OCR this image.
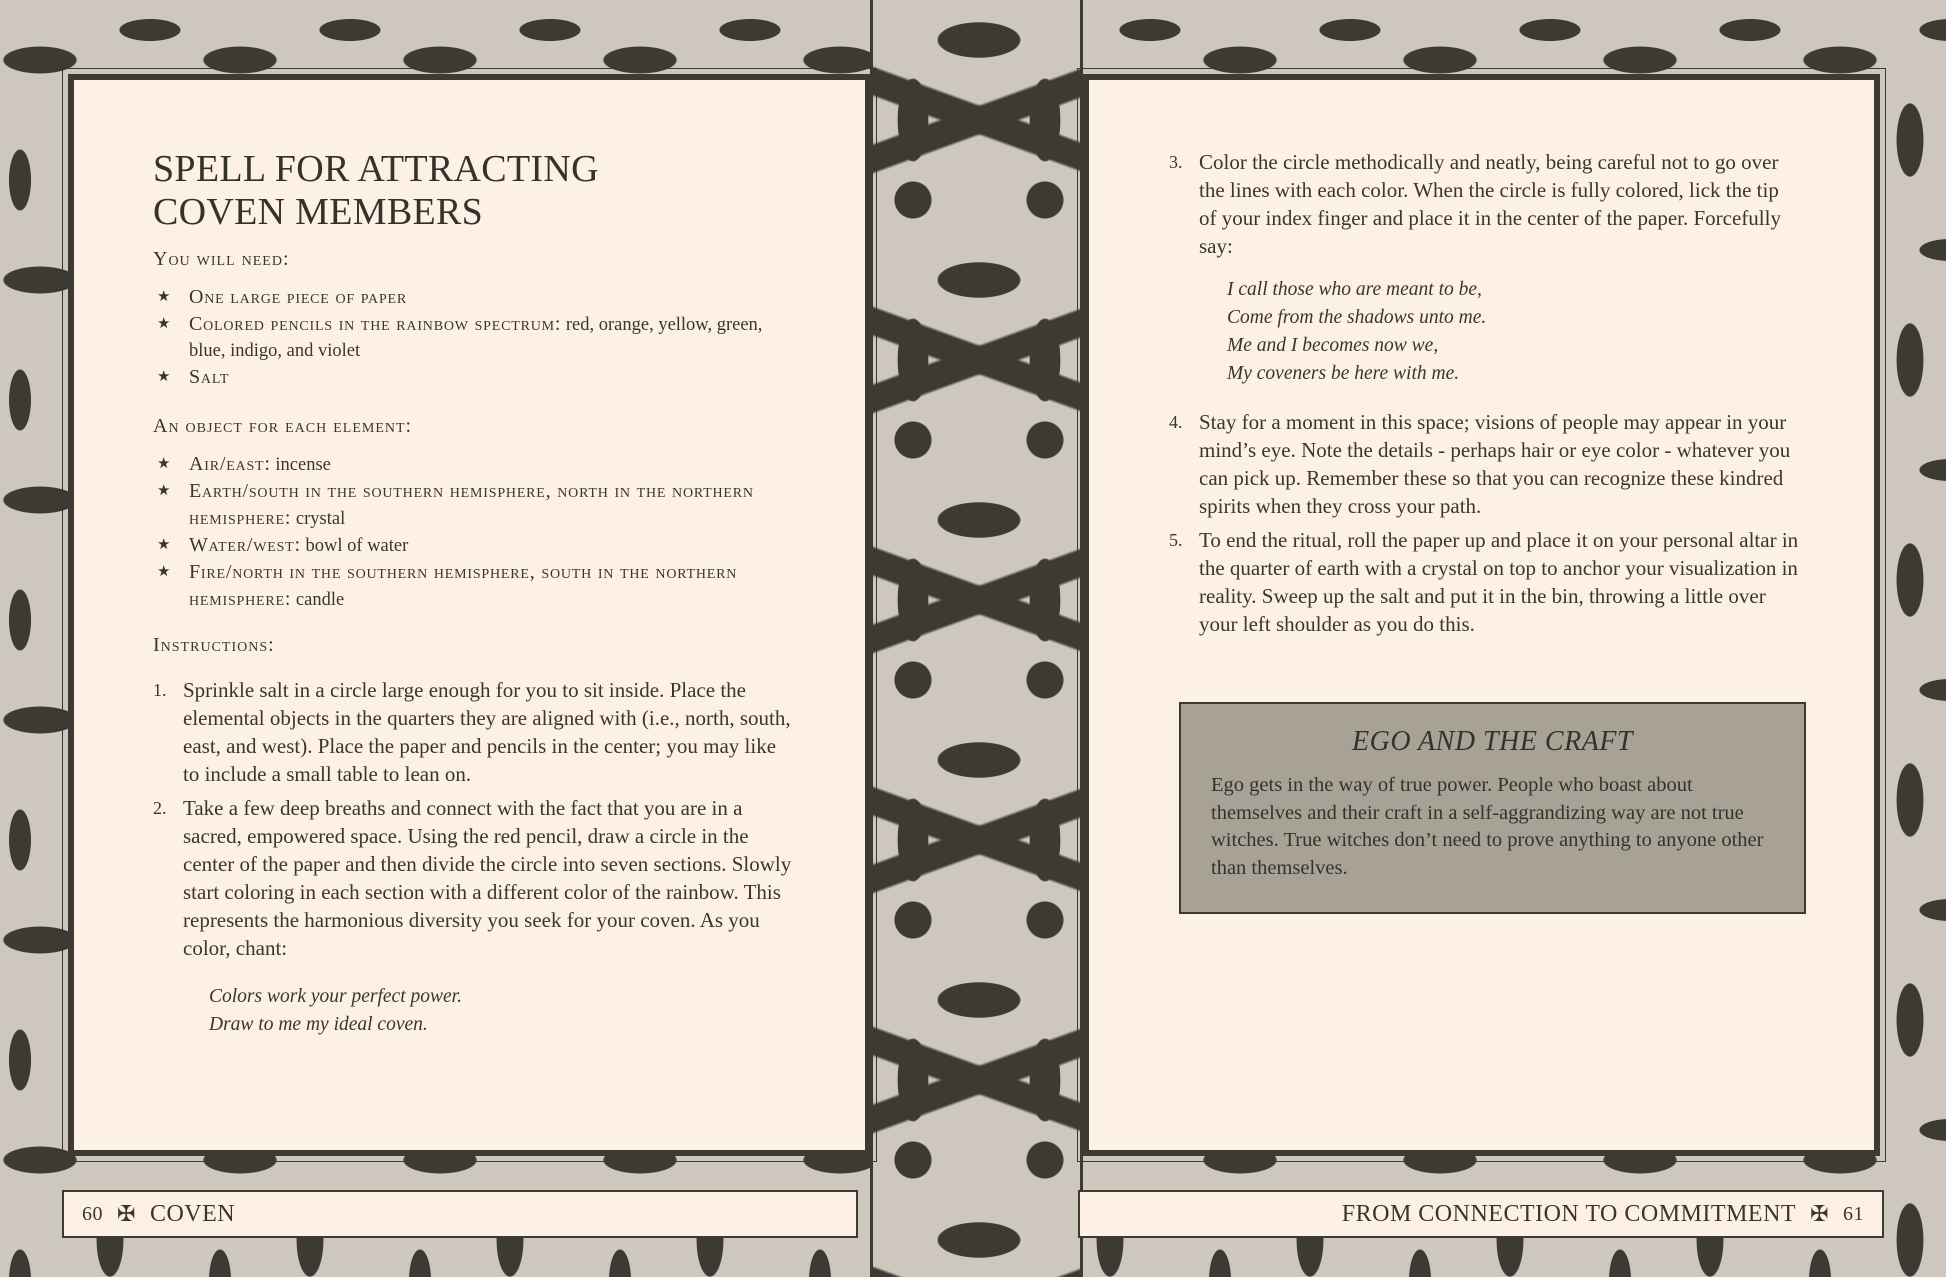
SPELL FOR ATTRACTING
COVEN MEMBERS
You will need:
★ One large piece of paper
★ Colored pencils in the rainbow spectrum: red, orange, yellow, green, blue, indigo, and violet
★ Salt
An object for each element:
★ Air/east: incense
★ Earth/south in the southern hemisphere, north in the northern hemisphere: crystal
★ Water/west: bowl of water
★ Fire/north in the southern hemisphere, south in the northern hemisphere: candle
Instructions:
1. Sprinkle salt in a circle large enough for you to sit inside. Place the elemental objects in the quarters they are aligned with (i.e., north, south, east, and west). Place the paper and pencils in the center; you may like to include a small table to lean on.
2. Take a few deep breaths and connect with the fact that you are in a sacred, empowered space. Using the red pencil, draw a circle in the center of the paper and then divide the circle into seven sections. Slowly start coloring in each section with a different color of the rainbow. This represents the harmonious diversity you seek for your coven. As you color, chant:
Colors work your perfect power.
Draw to me my ideal coven.
3. Color the circle methodically and neatly, being careful not to go over the lines with each color. When the circle is fully colored, lick the tip of your index finger and place it in the center of the paper. Forcefully say:
I call those who are meant to be,
Come from the shadows unto me.
Me and I becomes now we,
My coveners be here with me.
4. Stay for a moment in this space; visions of people may appear in your mind’s eye. Note the details - perhaps hair or eye color - whatever you can pick up. Remember these so that you can recognize these kindred spirits when they cross your path.
5. To end the ritual, roll the paper up and place it on your personal altar in the quarter of earth with a crystal on top to anchor your visualization in reality. Sweep up the salt and put it in the bin, throwing a little over your left shoulder as you do this.
EGO AND THE CRAFT

Ego gets in the way of true power. People who boast about themselves and their craft in a self-aggrandizing way are not true witches. True witches don’t need to prove anything to anyone other than themselves.

60 ✠ COVEN	FROM CONNECTION TO COMMITMENT ✠ 61
